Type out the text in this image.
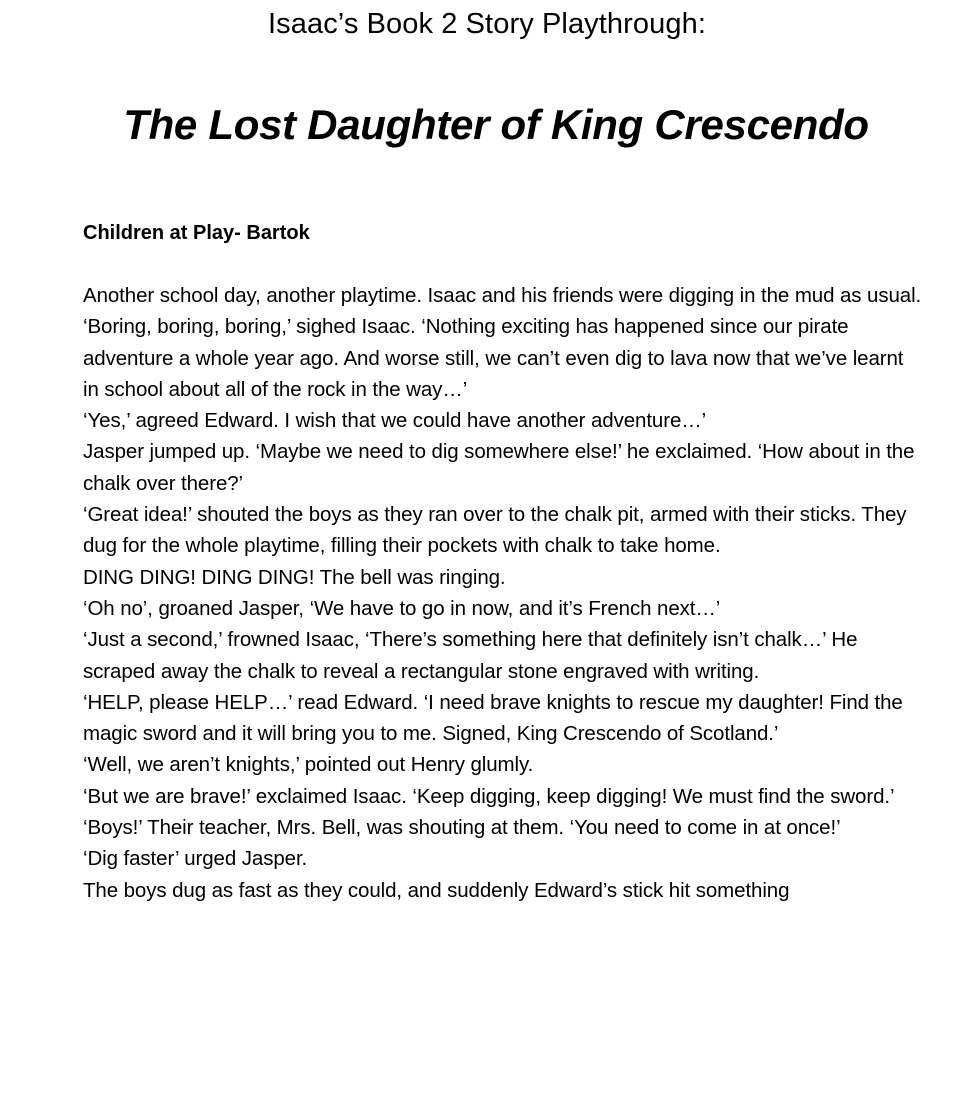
Isaac’s Book 2 Story Playthrough:
The Lost Daughter of King Crescendo
Children at Play- Bartok

Another school day, another playtime. Isaac and his friends were digging in the mud as usual.

‘Boring, boring, boring,’ sighed Isaac. ‘Nothing exciting has happened since our pirate adventure a whole year ago. And worse still, we can’t even dig to lava now that we’ve learnt in school about all of the rock in the way…’

‘Yes,’ agreed Edward. I wish that we could have another adventure…’

Jasper jumped up. ‘Maybe we need to dig somewhere else!’ he exclaimed. ‘How about in the chalk over there?’

‘Great idea!’ shouted the boys as they ran over to the chalk pit, armed with their sticks. They dug for the whole playtime, filling their pockets with chalk to take home.

DING DING! DING DING! The bell was ringing.

‘Oh no’, groaned Jasper, ‘We have to go in now, and it’s French next…’

‘Just a second,’ frowned Isaac, ‘There’s something here that definitely isn’t chalk…’ He scraped away the chalk to reveal a rectangular stone engraved with writing.

‘HELP, please HELP…’ read Edward. ‘I need brave knights to rescue my daughter! Find the magic sword and it will bring you to me. Signed, King Crescendo of Scotland.’

‘Well, we aren’t knights,’ pointed out Henry glumly.

‘But we are brave!’ exclaimed Isaac. ‘Keep digging, keep digging! We must find the sword.’

‘Boys!’ Their teacher, Mrs. Bell, was shouting at them. ‘You need to come in at once!’

‘Dig faster’ urged Jasper.

The boys dug as fast as they could, and suddenly Edward’s stick hit something
